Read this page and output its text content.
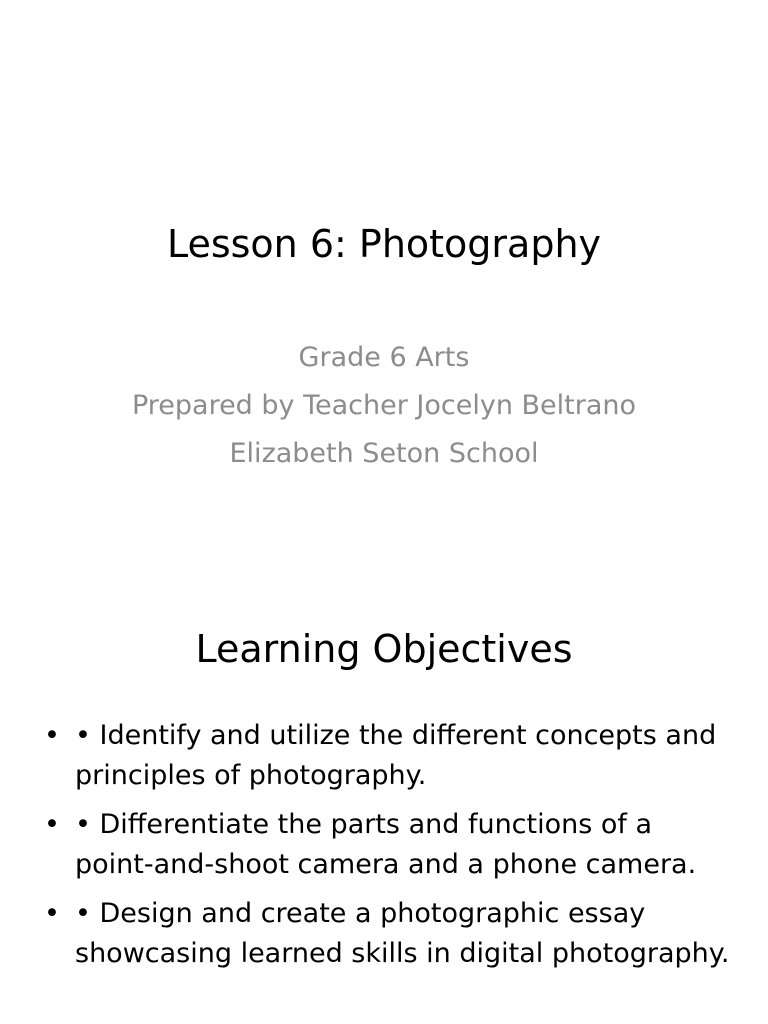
Lesson 6: Photography
Grade 6 Arts
Prepared by Teacher Jocelyn Beltrano
Elizabeth Seton School
Learning Objectives
• • Identify and utilize the different concepts and principles of photography.
• • Differentiate the parts and functions of a point-and-shoot camera and a phone camera.
• • Design and create a photographic essay showcasing learned skills in digital photography.
